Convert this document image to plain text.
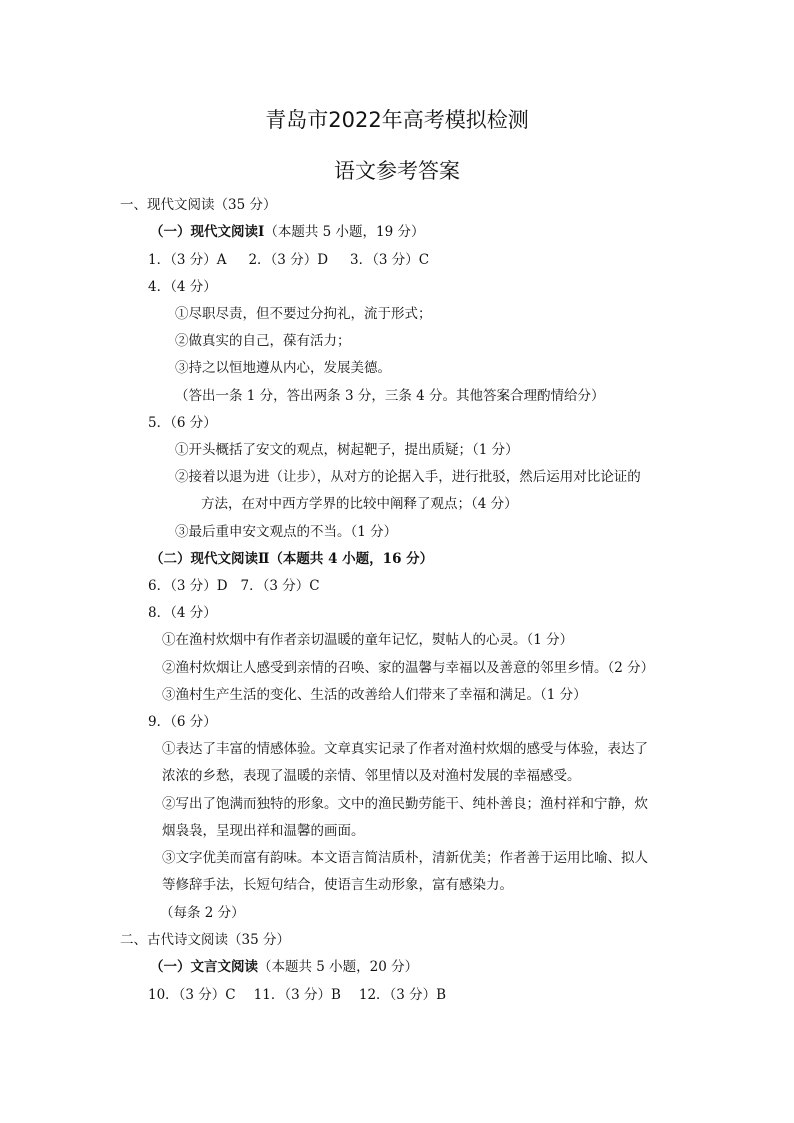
青岛市2022年高考模拟检测
语文参考答案
一、现代文阅读（35 分）
（一）现代文阅读Ⅰ（本题共 5 小题，19 分）
1．（3 分）A 2．（3 分）D 3．（3 分）C
4．（4 分）
①尽职尽责，但不要过分拘礼，流于形式；
②做真实的自己，葆有活力；
③持之以恒地遵从内心，发展美德。
（答出一条 1 分，答出两条 3 分，三条 4 分。其他答案合理酌情给分）
5．（6 分）
①开头概括了安文的观点，树起靶子，提出质疑；（1 分）
②接着以退为进（让步），从对方的论据入手，进行批驳，然后运用对比论证的
方法，在对中西方学界的比较中阐释了观点；（4 分）
③最后重申安文观点的不当。（1 分）
（二）现代文阅读Ⅱ（本题共 4 小题，16 分）
6．（3 分）D 7．（3 分）C
8．（4 分）
①在渔村炊烟中有作者亲切温暖的童年记忆，熨帖人的心灵。（1 分）
②渔村炊烟让人感受到亲情的召唤、家的温馨与幸福以及善意的邻里乡情。（2 分）
③渔村生产生活的变化、生活的改善给人们带来了幸福和满足。（1 分）
9．（6 分）
①表达了丰富的情感体验。文章真实记录了作者对渔村炊烟的感受与体验，表达了
浓浓的乡愁，表现了温暖的亲情、邻里情以及对渔村发展的幸福感受。
②写出了饱满而独特的形象。文中的渔民勤劳能干、纯朴善良；渔村祥和宁静，炊
烟袅袅，呈现出祥和温馨的画面。
③文字优美而富有韵味。本文语言简洁质朴，清新优美；作者善于运用比喻、拟人
等修辞手法，长短句结合，使语言生动形象，富有感染力。
（每条 2 分）
二、古代诗文阅读（35 分）
（一）文言文阅读（本题共 5 小题，20 分）
10．（3 分）C 11．（3 分）B 12．（3 分）B
